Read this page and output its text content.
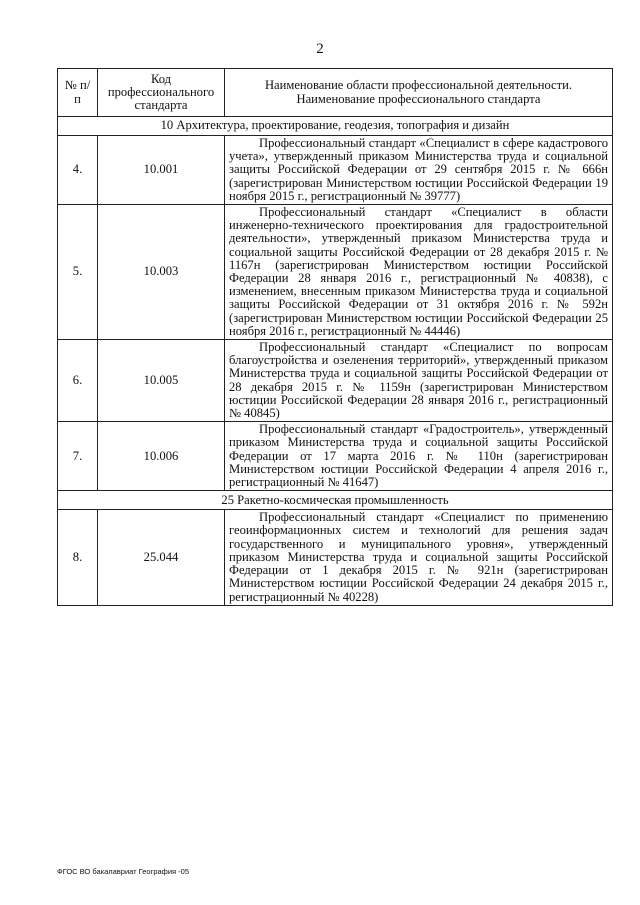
2
№ п/п	Код профессионального стандарта	Наименование области профессиональной деятельности.
Наименование профессионального стандарта

10 Архитектура, проектирование, геодезия, топография и дизайн		
4.	10.001	Профессиональный стандарт «Специалист в сфере кадастрового учета», утвержденный приказом Министерства труда и социальной защиты Российской Федерации от 29 сентября 2015 г. № 666н (зарегистрирован Министерством юстиции Российской Федерации 19 ноября 2015 г., регистрационный № 39777)
5.	10.003	Профессиональный стандарт «Специалист в области инженерно-технического проектирования для градостроительной деятельности», утвержденный приказом Министерства труда и социальной защиты Российской Федерации от 28 декабря 2015 г. № 1167н (зарегистрирован Министерством юстиции Российской Федерации 28 января 2016 г., регистрационный № 40838), с изменением, внесенным приказом Министерства труда и социальной защиты Российской Федерации от 31 октября 2016 г. № 592н (зарегистрирован Министерством юстиции Российской Федерации 25 ноября 2016 г., регистрационный № 44446)
6.	10.005	Профессиональный стандарт «Специалист по вопросам благоустройства и озеленения территорий», утвержденный приказом Министерства труда и социальной защиты Российской Федерации от 28 декабря 2015 г. № 1159н (зарегистрирован Министерством юстиции Российской Федерации 28 января 2016 г., регистрационный № 40845)
7.	10.006	Профессиональный стандарт «Градостроитель», утвержденный приказом Министерства труда и социальной защиты Российской Федерации от 17 марта 2016 г. № 110н (зарегистрирован Министерством юстиции Российской Федерации 4 апреля 2016 г., регистрационный № 41647)
25 Ракетно-космическая промышленность		
8.	25.044	Профессиональный стандарт «Специалист по применению геоинформационных систем и технологий для решения задач государственного и муниципального уровня», утвержденный приказом Министерства труда и социальной защиты Российской Федерации от 1 декабря 2015 г. № 921н (зарегистрирован Министерством юстиции Российской Федерации 24 декабря 2015 г., регистрационный № 40228)
ФГОС ВО бакалавриат География -05
